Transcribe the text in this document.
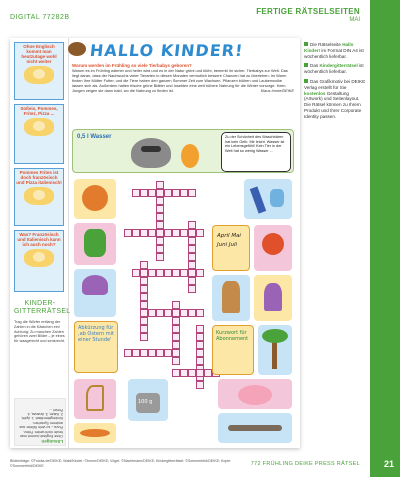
DIGITAL 77282B
FERTIGE RÄTSELSEITEN
MAI
21
Ohne Englisch kommt man heutzutage wohl nicht weiter
Soßeis, Pommes, Fritez, Pizza ...
Pommes Frites ist doch französisch und Pizza italienisch!
Was? Französisch und Italienisch kann ich auch noch?
KINDER-GITTERRÄTSEL
Trag die Wörter entlang der Zahlen in die Kästchen ein! Achtung: Zu manchen Zahlen gehören zwei Bilder – je eines für waagerecht und senkrecht.
Lösungen
Ohne Englisch kommt man heute nicht weiter. Fritez, Pizza – so viele Wörter aus anderen Sprachen. Kindergitterrätsel: 1. Apfel, 2. Katze, 3. Ananas, 4. Pinsel ...
HALLO KINDER!
Warum werden im Frühling so viele Tierbabys geboren?
Warum es im Frühling wärmer und heller wird und es in der Natur grünt und blüht, bemerkt ihr sicher. Tierbabys zur Welt. Das liegt daran, dass der Nachwuchs vieler Tierarten in diesen Monaten vermutlich bessere Chancen hat zu überleben: Im Warm finden Ihre Mütter Futter, und die Tiere haben den ganzen Sommer Zeit zum Wachsen. Pflanzen blühen und Laubenwolke lassen sich als. Außerdem halten frische grüne Blätter und Insekten eine weit höhere Nahrung für die Winter vorsorge. Ihren Jungen zeigen sie dann bald, wo die Nahrung zu finden ist.	Klaus Imme/DEIKE
0,5 l Wasser	Zu der Schönheit des Waschbären hat kein Gelb. Mir leicht. Wasser ist ein Lebensgefühl! Kein Tier in der Welt hat so wenig Wasser ...
Abkürzung für ‚ab Ostern mit einer Stunde'
April Mai Juni Juli
Kurzwort für Abonnement
100 g
Die Rätselseite Hallo Kinder! im Format DIN A4 ist wöchentlich lieferbar.
Das Kindergitterrätsel ist wöchentlich lieferbar.
Das Grafikmotiv bei DEIKE Verlag erstellt für Sie kostenlos Gestaltung (Artwork) und Seitenlayout. Die Rätsel können zu Ihrem Produkt und Ihrer Corporate Identity passen.
Bildbeiträge: ©Fotolia.de/DEIKE; Wald/Kinder: ©Imme/DEIKE; Vögel: ©Nachtmann/DEIKE; Kindergitterrätsel: ©Sommerfeld/DEIKE; Kopie: ©Sommerfeld/DEIKE	772 FRÜHLING DEIKE PRESS RÄTSEL
